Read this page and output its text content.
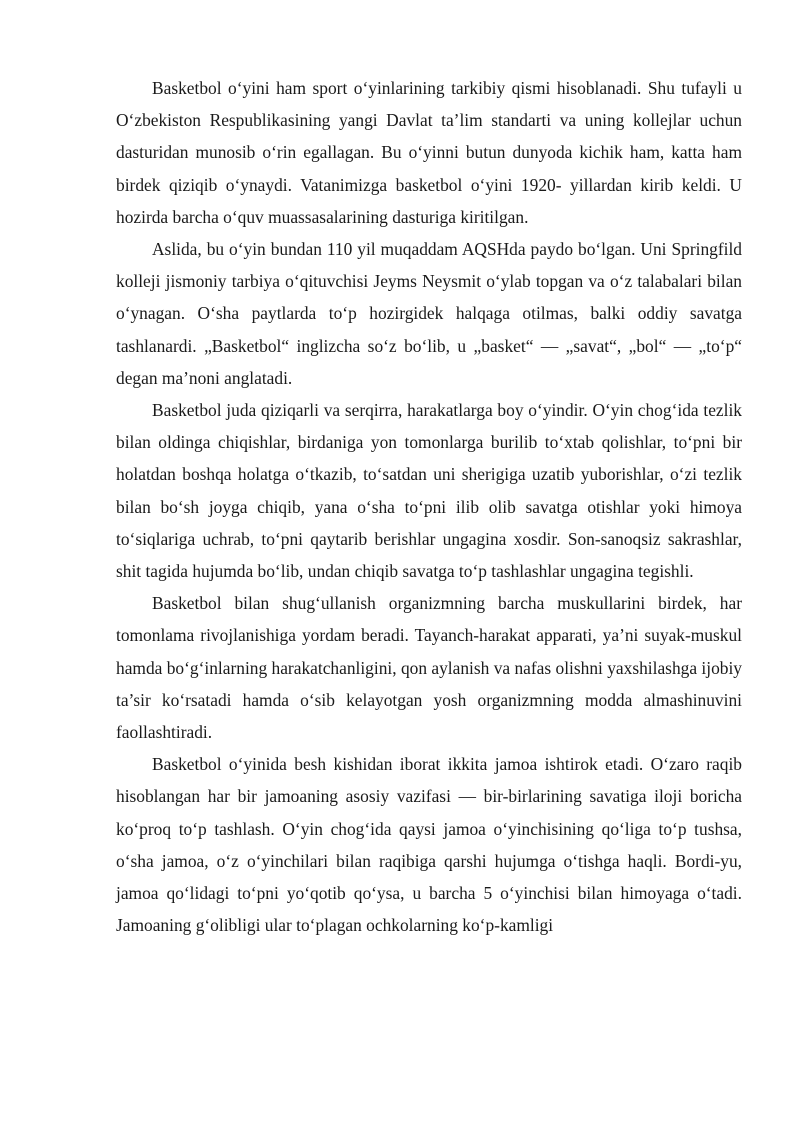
Basketbol o‘yini ham sport o‘yinlarining tarkibiy qismi hisoblanadi. Shu tufayli u O‘zbekiston Respublikasining yangi Davlat ta’lim standarti va uning kollejlar uchun dasturidan munosib o‘rin egallagan. Bu o‘yinni butun dunyoda kichik ham, katta ham birdek qiziqib o‘ynaydi. Vatanimizga basketbol o‘yini 1920- yillardan kirib keldi. U hozirda barcha o‘quv muassasalarining dasturiga kiritilgan.

Aslida, bu o‘yin bundan 110 yil muqaddam AQSHda paydo bo‘lgan. Uni Springfild kolleji jismoniy tarbiya o‘qituvchisi Jeyms Neysmit o‘ylab topgan va o‘z talabalari bilan o‘ynagan. O‘sha paytlarda to‘p hozirgidek halqaga otilmas, balki oddiy savatga tashlanardi. „Basketbol“ inglizcha so‘z bo‘lib, u „basket“ — „savat“, „bol“ — „to‘p“ degan ma’noni anglatadi.

Basketbol juda qiziqarli va serqirra, harakatlarga boy o‘yindir. O‘yin chog‘ida tezlik bilan oldinga chiqishlar, birdaniga yon tomonlarga burilib to‘xtab qolishlar, to‘pni bir holatdan boshqa holatga o‘tkazib, to‘satdan uni sherigiga uzatib yuborishlar, o‘zi tezlik bilan bo‘sh joyga chiqib, yana o‘sha to‘pni ilib olib savatga otishlar yoki himoya to‘siqlariga uchrab, to‘pni qaytarib berishlar ungagina xosdir. Son-sanoqsiz sakrashlar, shit tagida hujumda bo‘lib, undan chiqib savatga to‘p tashlashlar ungagina tegishli.

Basketbol bilan shug‘ullanish organizmning barcha muskullarini birdek, har tomonlama rivojlanishiga yordam beradi. Tayanch-harakat apparati, ya’ni suyak-muskul hamda bo‘g‘inlarning harakatchanligini, qon aylanish va nafas olishni yaxshilashga ijobiy ta’sir ko‘rsatadi hamda o‘sib kelayotgan yosh organizmning modda almashinuvini faollashtiradi.

Basketbol o‘yinida besh kishidan iborat ikkita jamoa ishtirok etadi. O‘zaro raqib hisoblangan har bir jamoaning asosiy vazifasi — bir-birlarining savatiga iloji boricha ko‘proq to‘p tashlash. O‘yin chog‘ida qaysi jamoa o‘yinchisining qo‘liga to‘p tushsa, o‘sha jamoa, o‘z o‘yinchilari bilan raqibiga qarshi hujumga o‘tishga haqli. Bordi-yu, jamoa qo‘lidagi to‘pni yo‘qotib qo‘ysa, u barcha 5 o‘yinchisi bilan himoyaga o‘tadi. Jamoaning g‘olibligi ular to‘plagan ochkolarning ko‘p-kamligi
